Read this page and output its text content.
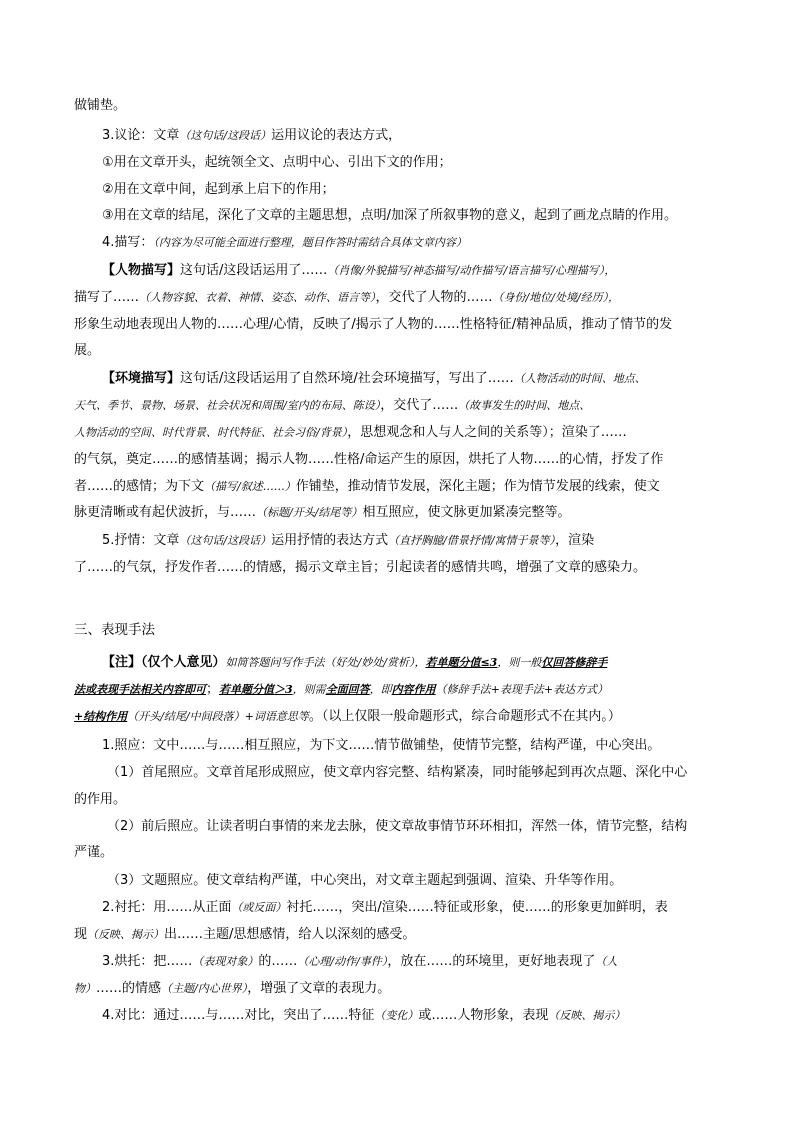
做铺垫。
3.议论：文章（这句话/这段话）运用议论的表达方式，
①用在文章开头，起统领全文、点明中心、引出下文的作用；
②用在文章中间，起到承上启下的作用；
③用在文章的结尾，深化了文章的主题思想，点明/加深了所叙事物的意义，起到了画龙点睛的作用。
4.描写：（内容为尽可能全面进行整理，题目作答时需结合具体文章内容）
【人物描写】这句话/这段话运用了……（肖像/外貌描写/神态描写/动作描写/语言描写/心理描写），
描写了……（人物容貌、衣着、神情、姿态、动作、语言等），交代了人物的……（身份/地位/处境/经历），
形象生动地表现出人物的……心理/心情，反映了/揭示了人物的……性格特征/精神品质，推动了情节的发
展。
【环境描写】这句话/这段话运用了自然环境/社会环境描写，写出了……（人物活动的时间、地点、
天气、季节、景物、场景、社会状况和周围/室内的布局、陈设），交代了……（故事发生的时间、地点、
人物活动的空间、时代背景、时代特征、社会习俗/背景），思想观念和人与人之间的关系等）；渲染了……
的气氛，奠定……的感情基调；揭示人物……性格/命运产生的原因，烘托了人物……的心情，抒发了作
者……的感情；为下文（描写/叙述……）作铺垫，推动情节发展，深化主题；作为情节发展的线索，使文
脉更清晰或有起伏波折，与……（标题/开头/结尾等）相互照应，使文脉更加紧凑完整等。
5.抒情：文章（这句话/这段话）运用抒情的表达方式（直抒胸臆/借景抒情/寓情于景等），渲染
了……的气氛，抒发作者……的情感，揭示文章主旨；引起读者的感情共鸣，增强了文章的感染力。
三、表现手法
【注】（仅个人意见）如简答题问写作手法（好处/妙处/赏析），若单题分值≤3，则一般仅回答修辞手
法或表现手法相关内容即可；若单题分值＞3，则需全面回答，即内容作用（修辞手法+表现手法+表达方式）
+结构作用（开头/结尾/中间段落）+词语意思等。（以上仅限一般命题形式，综合命题形式不在其内。）
1.照应：文中……与……相互照应，为下文……情节做铺垫，使情节完整，结构严谨，中心突出。
（1）首尾照应。文章首尾形成照应，使文章内容完整、结构紧凑，同时能够起到再次点题、深化中心
的作用。
（2）前后照应。让读者明白事情的来龙去脉，使文章故事情节环环相扣，浑然一体，情节完整，结构
严谨。
（3）文题照应。使文章结构严谨，中心突出，对文章主题起到强调、渲染、升华等作用。
2.衬托：用……从正面（或反面）衬托……，突出/渲染……特征或形象，使……的形象更加鲜明，表
现（反映、揭示）出……主题/思想感情，给人以深刻的感受。
3.烘托：把……（表现对象）的……（心理/动作/事件），放在……的环境里，更好地表现了（人
物）……的情感（主题/内心世界），增强了文章的表现力。
4.对比：通过……与……对比，突出了……特征（变化）或……人物形象，表现（反映、揭示）
